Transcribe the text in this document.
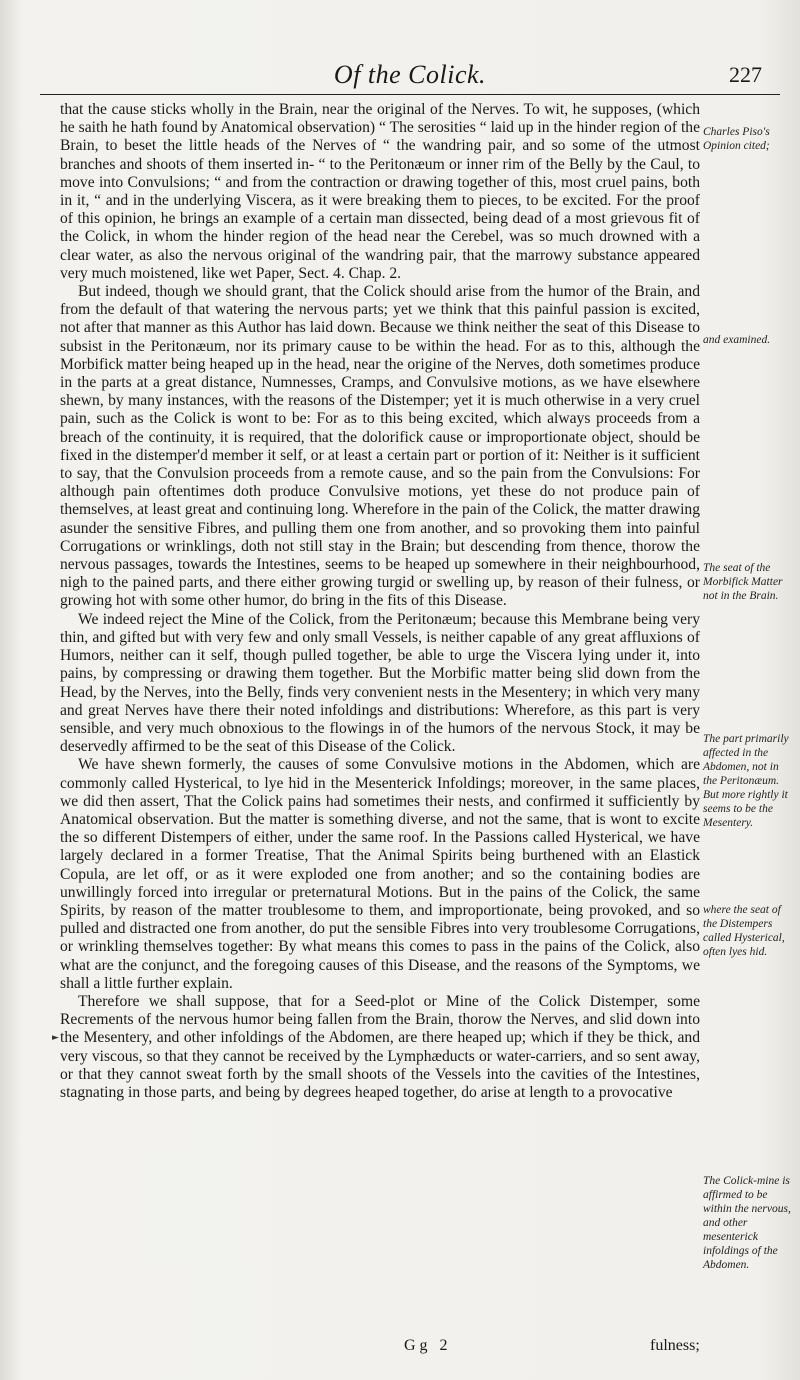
Of the Colick.	227

that the cause sticks wholly in the Brain, near the original of the Nerves. To wit, he supposes, (which he saith he hath found by Anatomical observation) “ The serosities “ laid up in the hinder region of the Brain, to beset the little heads of the Nerves of “ the wandring pair, and so some of the utmost branches and shoots of them inserted in- “ to the Peritonæum or inner rim of the Belly by the Caul, to move into Convulsions; “ and from the contraction or drawing together of this, most cruel pains, both in it, “ and in the underlying Viscera, as it were breaking them to pieces, to be excited. For the proof of this opinion, he brings an example of a certain man dissected, being dead of a most grievous fit of the Colick, in whom the hinder region of the head near the Cerebel, was so much drowned with a clear water, as also the nervous original of the wandring pair, that the marrowy substance appeared very much moistened, like wet Paper, Sect. 4. Chap. 2.

But indeed, though we should grant, that the Colick should arise from the humor of the Brain, and from the default of that watering the nervous parts; yet we think that this painful passion is excited, not after that manner as this Author has laid down. Because we think neither the seat of this Disease to subsist in the Peritonæum, nor its primary cause to be within the head. For as to this, although the Morbifick matter being heaped up in the head, near the origine of the Nerves, doth sometimes produce in the parts at a great distance, Numnesses, Cramps, and Convulsive motions, as we have elsewhere shewn, by many instances, with the reasons of the Distemper; yet it is much otherwise in a very cruel pain, such as the Colick is wont to be: For as to this being excited, which always proceeds from a breach of the continuity, it is required, that the dolorifick cause or improportionate object, should be fixed in the distemper'd member it self, or at least a certain part or portion of it: Neither is it sufficient to say, that the Convulsion proceeds from a remote cause, and so the pain from the Convulsions: For although pain oftentimes doth produce Convulsive motions, yet these do not produce pain of themselves, at least great and continuing long. Wherefore in the pain of the Colick, the matter drawing asunder the sensitive Fibres, and pulling them one from another, and so provoking them into painful Corrugations or wrinklings, doth not still stay in the Brain; but descending from thence, thorow the nervous passages, towards the Intestines, seems to be heaped up somewhere in their neighbourhood, nigh to the pained parts, and there either growing turgid or swelling up, by reason of their fulness, or growing hot with some other humor, do bring in the fits of this Disease.

We indeed reject the Mine of the Colick, from the Peritonæum; because this Membrane being very thin, and gifted but with very few and only small Vessels, is neither capable of any great affluxions of Humors, neither can it self, though pulled together, be able to urge the Viscera lying under it, into pains, by compressing or drawing them together. But the Morbific matter being slid down from the Head, by the Nerves, into the Belly, finds very convenient nests in the Mesentery; in which very many and great Nerves have there their noted infoldings and distributions: Wherefore, as this part is very sensible, and very much obnoxious to the flowings in of the humors of the nervous Stock, it may be deservedly affirmed to be the seat of this Disease of the Colick.

We have shewn formerly, the causes of some Convulsive motions in the Abdomen, which are commonly called Hysterical, to lye hid in the Mesenterick Infoldings; moreover, in the same places, we did then assert, That the Colick pains had sometimes their nests, and confirmed it sufficiently by Anatomical observation. But the matter is something diverse, and not the same, that is wont to excite the so different Distempers of either, under the same roof. In the Passions called Hysterical, we have largely declared in a former Treatise, That the Animal Spirits being burthened with an Elastick Copula, are let off, or as it were exploded one from another; and so the containing bodies are unwillingly forced into irregular or preternatural Motions. But in the pains of the Colick, the same Spirits, by reason of the matter troublesome to them, and improportionate, being provoked, and so pulled and distracted one from another, do put the sensible Fibres into very troublesome Corrugations, or wrinkling themselves together: By what means this comes to pass in the pains of the Colick, also what are the conjunct, and the foregoing causes of this Disease, and the reasons of the Symptoms, we shall a little further explain.

Therefore we shall suppose, that for a Seed-plot or Mine of the Colick Distemper, some Recrements of the nervous humor being fallen from the Brain, thorow the Nerves, and slid down into the Mesentery, and other infoldings of the Abdomen, are there heaped up; which if they be thick, and very viscous, so that they cannot be received by the Lymphæducts or water-carriers, and so sent away, or that they cannot sweat forth by the small shoots of the Vessels into the cavities of the Intestines, stagnating in those parts, and being by degrees heaped together, do arise at length to a provocative

Charles Piso's Opinion cited;
and examined.
The seat of the Morbifick Matter not in the Brain.
The part primarily affected in the Abdomen, not in the Peritonæum. But more rightly it seems to be the Mesentery.
where the seat of the Distempers called Hysterical, often lyes hid.
The Colick-mine is affirmed to be within the nervous, and other mesenterick infoldings of the Abdomen.
►
Gg 2	fulness;
